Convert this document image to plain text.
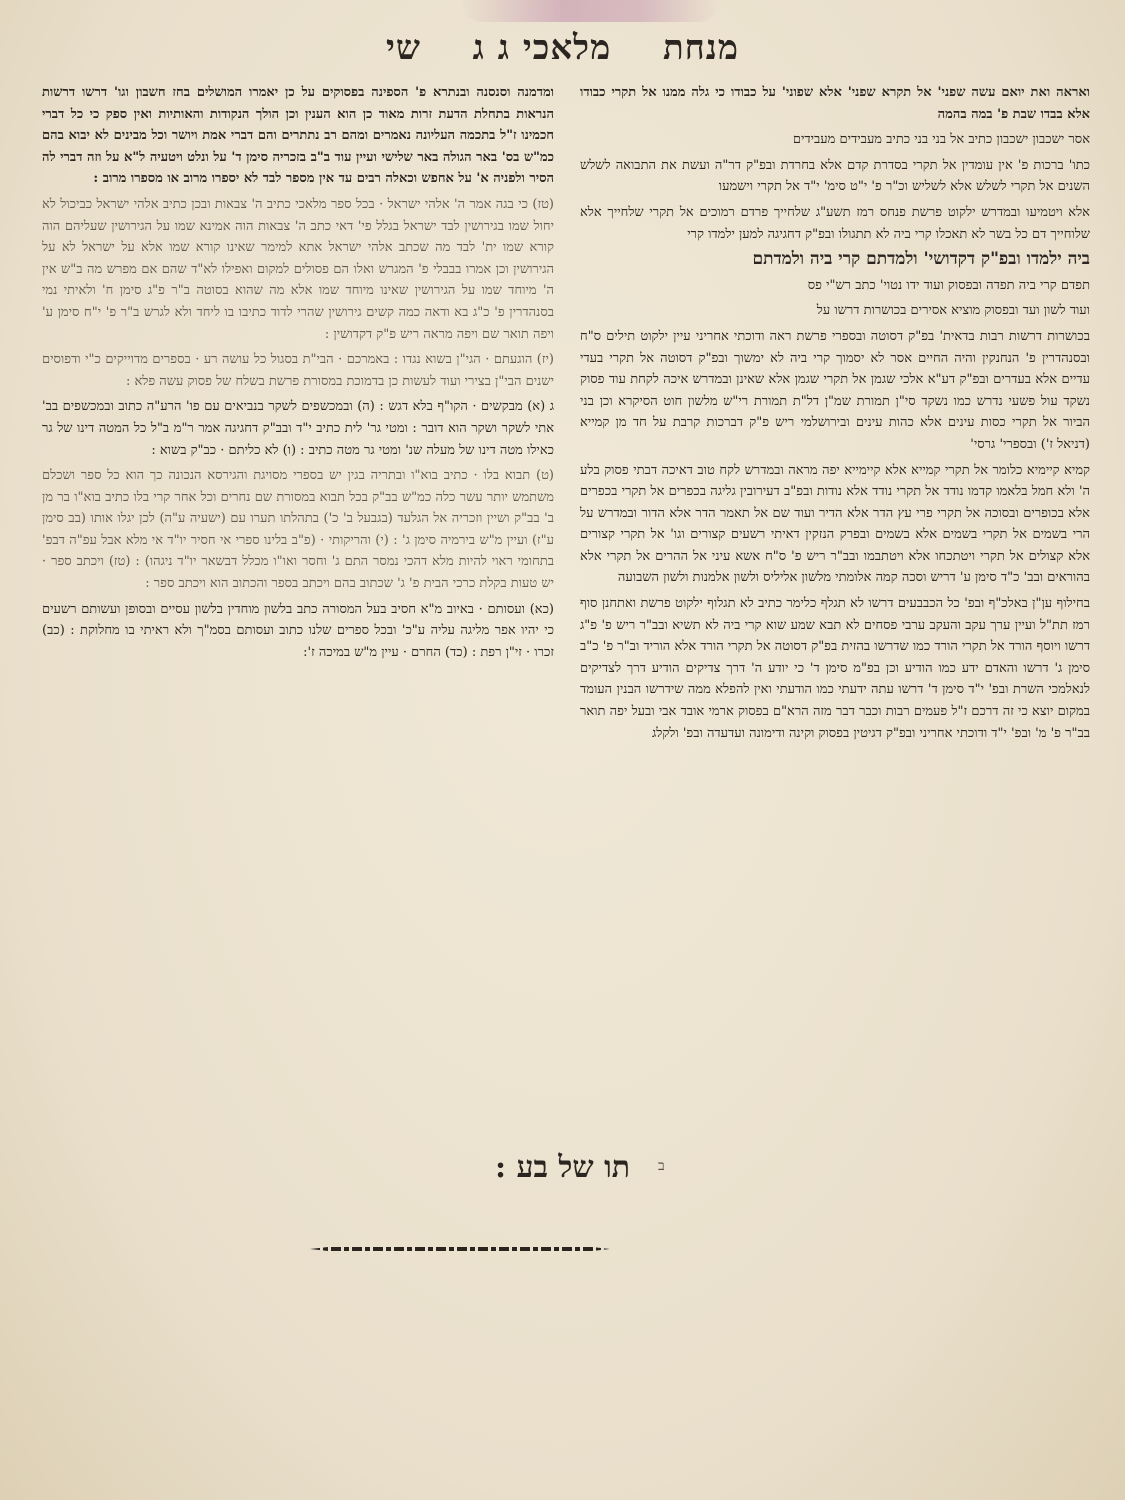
מנחת  מלאכי ג ג  שי

ואראה ואת יואם עשה שפני' אל תקרא שפני' אלא שפוני' על כבודו כי גלה ממנו אל תקרי כבודו אלא בבדו שבת פ' במה בהמה

אסר ישכבון ישכבון כתיב אל בני בני כתיב מעבידים מעבידים

כתו' ברכות פ' אין עומדין אל תקרי בסדרת קדם אלא בחרדת ובפ"ק דר"ה ועשת את התבואה לשלש השנים אל תקרי לשלש אלא לשליש וכ"ר פ' י"ט סימ' י"ד אל תקרי וישמעו

אלא ויטמיעו ובמדרש ילקוט פרשת פנחס רמז תשע"ג שלחייך פרדם רמוכים אל תקרי שלחייך אלא שלוחייך דם כל בשר לא תאכלו קרי ביה לא תתגולו ובפ"ק דחגיגה למען ילמדו קרי

ביה ילמדו ובפ"ק דקדושי' ולמדתם קרי ביה ולמדתם

תפדם קרי ביה תפדה ובפסוק ועוד ידו נטוי' כתב רש"י פס

ועוד לשון ועד ובפסוק מוציא אסירים בכושרות דרשו על

בכושרות דרשות רבות בדאית' בפ"ק דסוטה ובספרי פרשת ראה ודוכתי אחריני עיין ילקוט תילים ס"ח ובסנהדרין פ' הנחנקין והיה החיים אסר לא יסמוך קרי ביה לא ימשוך ובפ"ק דסוטה אל תקרי בעדי עדיים אלא בעדרים ובפ"ק דע"א אלכי שגמן אל תקרי שגמן אלא שאינן ובמדרש איכה לקחת עוד פסוק נשקד עול פשעי נדרש כמו נשקד סי"ן תמורת שמ"ן דל"ת תמורת רי"ש מלשון חוט הסיקרא וכן בני הביור אל תקרי כסות עינים אלא כהות עינים ובירושלמי ריש פ"ק דברכות קרבת על חד מן קמייא (דניאל ז') ובספרי' גרסי'

קמיא קיימיא כלומר אל תקרי קמייא אלא קיימייא יפה מראה ובמדרש לקח טוב דאיכה דבתי פסוק בלע ה' ולא חמל בלאמו קדמו נודד אל תקרי נודד אלא נודות ובפ"ב דעירובין גליגה בכפרים אל תקרי בכפרים אלא בכופרים ובסוכה אל תקרי פרי עץ הדר אלא הדיר ועוד שם אל תאמר הדר אלא הדור ובמדרש על הרי בשמים אל תקרי בשמים אלא בשמים ובפרק הנזקין דאיתי רשעים קצורים וגו' אל תקרי קצורים אלא קצולים אל תקרי ויטתכחו אלא ויטתבמו ובב"ר ריש פ' ס"ח אשא עיני אל ההרים אל תקרי אלא בהוראים ובב' כ"ד סימן ע' דריש וסכה קמה אלומתי מלשון אליליס ולשון אלמנות ולשון השבועה

בחילוף ען"ן באלכ"ף ובפ' כל הכבבעים דרשו לא תגלף כלימר כתיב לא תגלוף ילקוט פרשת ואתחנן סוף רמז תת"ל ועיין ערך עקב והעקב ערבי פסחים לא תבא שמע שוא קרי ביה לא תשיא ובב"ר ריש פ' פ"ג דרשו ויוסף הורד אל תקרי הורד כמו שדרשו בהזית בפ"ק דסוטה אל תקרי הורד אלא הוריד וב"ר פ' כ"ב סימן ג' דרשו והאדם ידע כמו הודיע וכן בפ"מ סימן ד' כי יודע ה' דרך צדיקים הודיע דרך לצדיקים לנאלמכי השרת ובפ' י"ד סימן ד' דרשו עתה ידעתי כמו הודעתי ואין להפלא ממה שידרשו הבנין העומד במקום יוצא כי זה דרכם ז"ל פעמים רבות וכבר דבר מזה הרא"ם בפסוק ארמי אובד אבי ובעל יפה תואר בב"ר פ' מ' ובפ' י"ד ודוכתי אחריני ובפ"ק דגיטין בפסוק וקינה ודימונה ועדעדה ובפ' ולקלג

ומדמנה וסנסנה ובנתרא פ' הספינה בפסוקים על כן יאמרו המושלים בחז חשבון וגו' דרשו דרשות הנראות בתחלת הדעת זרות מאוד כן הוא הענין וכן הולך הנקודות והאותיות ואין ספק כי כל דברי חכמינו ז"ל בתכמה העליונה נאמרים ומהם רב נתתרים והם דברי אמת ויושר וכל מבינים לא יבוא בהם כמ"ש בס' באר הגולה באר שלישי ועיין עוד ב"ב בזכריה סימן ד' על ונלט ויטעיה ל"א על וזה דברי לה הסיר ולפניה א' על אחפש וכאלה רבים עד אין מספר לבד לא יספרו מרוב או מספרו מרוב :

(טז) כי בגה אמר ה' אלהי ישראל · בכל ספר מלאכי כתיב ה' צבאות ובכן כתיב אלהי ישראל כביכול לא יחול שמו בגירושין לבד ישראל בגלל פי' דאי כתב ה' צבאות הוה אמינא שמו על הגירושין שעליהם הוה קורא שמו ית' לבד מה שכתב אלהי ישראל אתא למימר שאינו קורא שמו אלא על ישראל לא על הגירושין וכן אמרו בבבלי פ' המגרש ואלו הם פסולים למקום ואפילו לא"ד שהם אם מפרש מה ב"ש אין ה' מיוחד שמו על הגירושין שאינו מיוחד שמו אלא מה שהוא בסוטה ב"ר פ"ג סימן ח' ולאיתי נמי בסנהדרין פ' כ"ג בא ודאה כמה קשים גירושין שהרי לדוד כתיבו בו ליחד ולא לגרש ב"ר פ' י"ח סימן ע' ויפה תואר שם ויפה מראה ריש פ"ק דקדושין :

(יז) הוגעתם · הגי"ן בשוא נגדו : באמרכם · הבי"ת בסגול כל עושה רע · בספרים מדוייקים כ"י ודפוסים ישנים הבי"ן בצירי ועוד לעשות כן בדמוכת במסורת פרשת בשלח של פסוק עשה פלא :

ג (א) מבקשים · הקו"ף בלא דגש : (ה) ובמכשפים לשקר בנביאים עם פו' הרע"ה כתוב ובמכשפים בב' אתי לשקר ושקר הוא דובר : ומטי גר' לית כתיב י"ד ובב"ק דחגיגה אמר ר"מ ב"ל כל המטה דינו של גר כאילו מטה דינו של מעלה שנ' ומטי גר מטה כתיב : (ו) לא כליתם · כב"ק בשוא :

(ט) תבוא בלו · כתיב בוא"ו ובתריה בגין יש בספרי מסויגת והגירסא הנכונה כך הוא כל ספר ושכלם משתמש יותר עשר כלה כמ"ש בב"ק בכל תבוא במסורת שם נחרים וכל אחר קרי בלו כתיב בוא"ו בר מן ב' בב"ק ושיין וזכריה אל הגלעד (בגבעל ב' כ') בתהלתו תערו עם (ישעיה ע"ה) לכן יגלו אותו (בב סימן ע"ז) ועיין מ"ש בירמיה סימן ג' : (י) והריקותי · (פ"ב בלינו ספרי אי חסיר יו"ד אי מלא אבל עפ"ה דבפ' בתחומי ראוי להיות מלא דהכי נמסר התם ג' וחסר ואו"ו מכלל דבשאר יו"ד ניגהו) : (טז) ויכתב ספר · יש טעות בקלת כרכי הבית פ' ג' שכתוב בהם ויכתב בספר והכתוב הוא ויכתב ספר :

(כא) ועסותם · באיוב מ"א חסיב בעל המסורה כתב בלשון מוחדין בלשון עסיים ובסופן ועשותם רשעים כי יהיו אפר מליגה עליה ע"כ' ובכל ספרים שלנו כתוב ועסותם בסמ"ך ולא ראיתי בו מחלוקת : (כב) זכרו · זי"ן רפת : (כד) החרם · עיין מ"ש במיכה ז':

תו של בע :	ב
